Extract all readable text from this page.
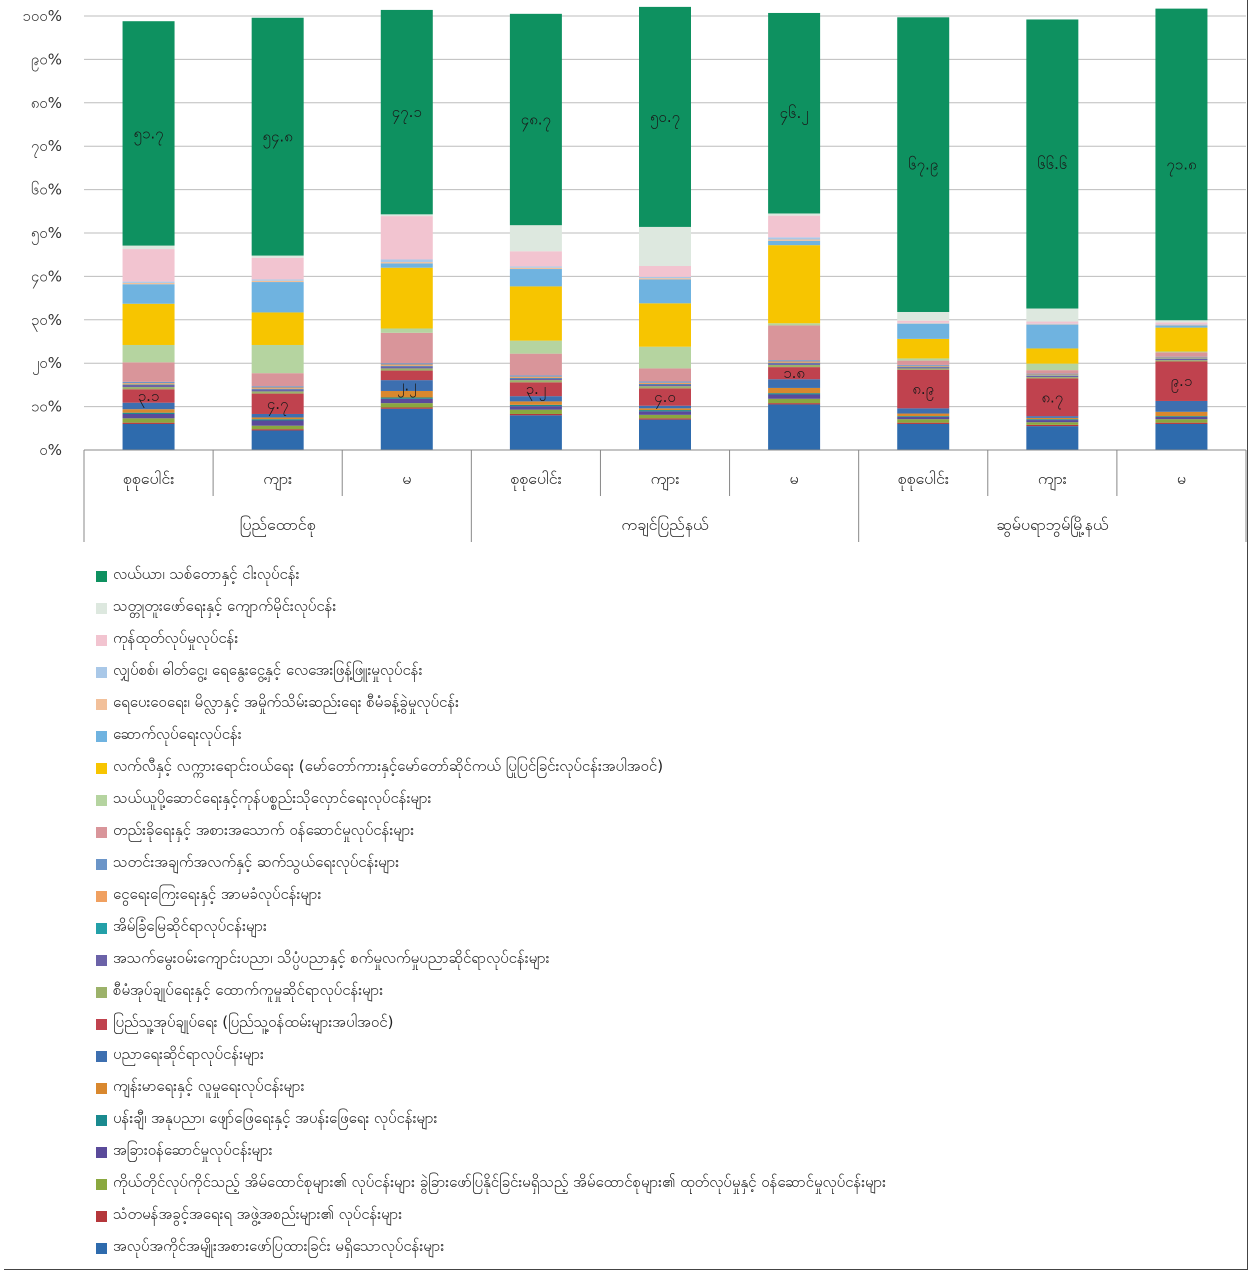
၀%
၁၀%
၂၀%
၃၀%
၄၀%
၅၀%
၆၀%
၇၀%
၈၀%
၉၀%
၁၀၀%
၅၁.၇	၅၄.၈
၄၇.၁	၄၈.၇	၅၀.၇	၄၆.၂
၆၇.၉	၆၆.၆	၇၁.၈
၃.၁	၄.၇
၂.၂	၃.၂	၄.၀
၁.၈
၈.၉	၈.၇
၉.၁
စုစုပေါင်း	ကျား	မ	စုစုပေါင်း	ကျား	မ	စုစုပေါင်း	ကျား	မ
ပြည်ထောင်စု	ကချင်ပြည်နယ်	ဆွမ်ပရာဘွမ်မြို့နယ်
လယ်ယာ၊ သစ်တောနှင့် ငါးလုပ်ငန်း
သတ္တုတူးဖော်ရေးနှင့် ကျောက်မိုင်းလုပ်ငန်း
ကုန်ထုတ်လုပ်မှုလုပ်ငန်း
လျှပ်စစ်၊ ဓါတ်ငွေ့၊ ရေနွေးငွေ့နှင့် လေအေးဖြန့်ဖြူးမှုလုပ်ငန်း
ရေပေးဝေရေး၊ မိလ္လာနှင့် အမှိုက်သိမ်းဆည်းရေး စီမံခန့်ခွဲမှုလုပ်ငန်း
ဆောက်လုပ်ရေးလုပ်ငန်း
လက်လီနှင့် လက္ကားရောင်းဝယ်ရေး (မော်တော်ကားနှင့်မော်တော်ဆိုင်ကယ် ပြုပြင်ခြင်းလုပ်ငန်းအပါအဝင်)
သယ်ယူပို့ဆောင်ရေးနှင့်ကုန်ပစ္စည်းသိုလှောင်ရေးလုပ်ငန်းများ
တည်းခိုရေးနှင့် အစားအသောက် ဝန်ဆောင်မှုလုပ်ငန်းများ
သတင်းအချက်အလက်နှင့် ဆက်သွယ်ရေးလုပ်ငန်းများ
ငွေရေးကြေးရေးနှင့် အာမခံလုပ်ငန်းများ
အိမ်ခြံမြေဆိုင်ရာလုပ်ငန်းများ
အသက်မွေးဝမ်းကျောင်းပညာ၊ သိပ္ပံပညာနှင့် စက်မှုလက်မှုပညာဆိုင်ရာလုပ်ငန်းများ
စီမံအုပ်ချုပ်ရေးနှင့် ထောက်ကူမှုဆိုင်ရာလုပ်ငန်းများ
ပြည်သူ့အုပ်ချုပ်ရေး (ပြည်သူ့ဝန်ထမ်းများအပါအဝင်)
ပညာရေးဆိုင်ရာလုပ်ငန်းများ
ကျန်းမာရေးနှင့် လူမှုရေးလုပ်ငန်းများ
ပန်းချီ၊ အနုပညာ၊ ဖျော်ဖြေရေးနှင့် အပန်းဖြေရေး လုပ်ငန်းများ
အခြားဝန်ဆောင်မှုလုပ်ငန်းများ
ကိုယ်တိုင်လုပ်ကိုင်သည့် အိမ်ထောင်စုများ၏ လုပ်ငန်းများ ခွဲခြားဖော်ပြနိုင်ခြင်းမရှိသည့် အိမ်ထောင်စုများ၏ ထုတ်လုပ်မှုနှင့် ဝန်ဆောင်မှုလုပ်ငန်းများ
သံတမန်အခွင့်အရေးရ အဖွဲ့အစည်းများ၏ လုပ်ငန်းများ
အလုပ်အကိုင်အမျိုးအစားဖော်ပြထားခြင်း မရှိသောလုပ်ငန်းများ
